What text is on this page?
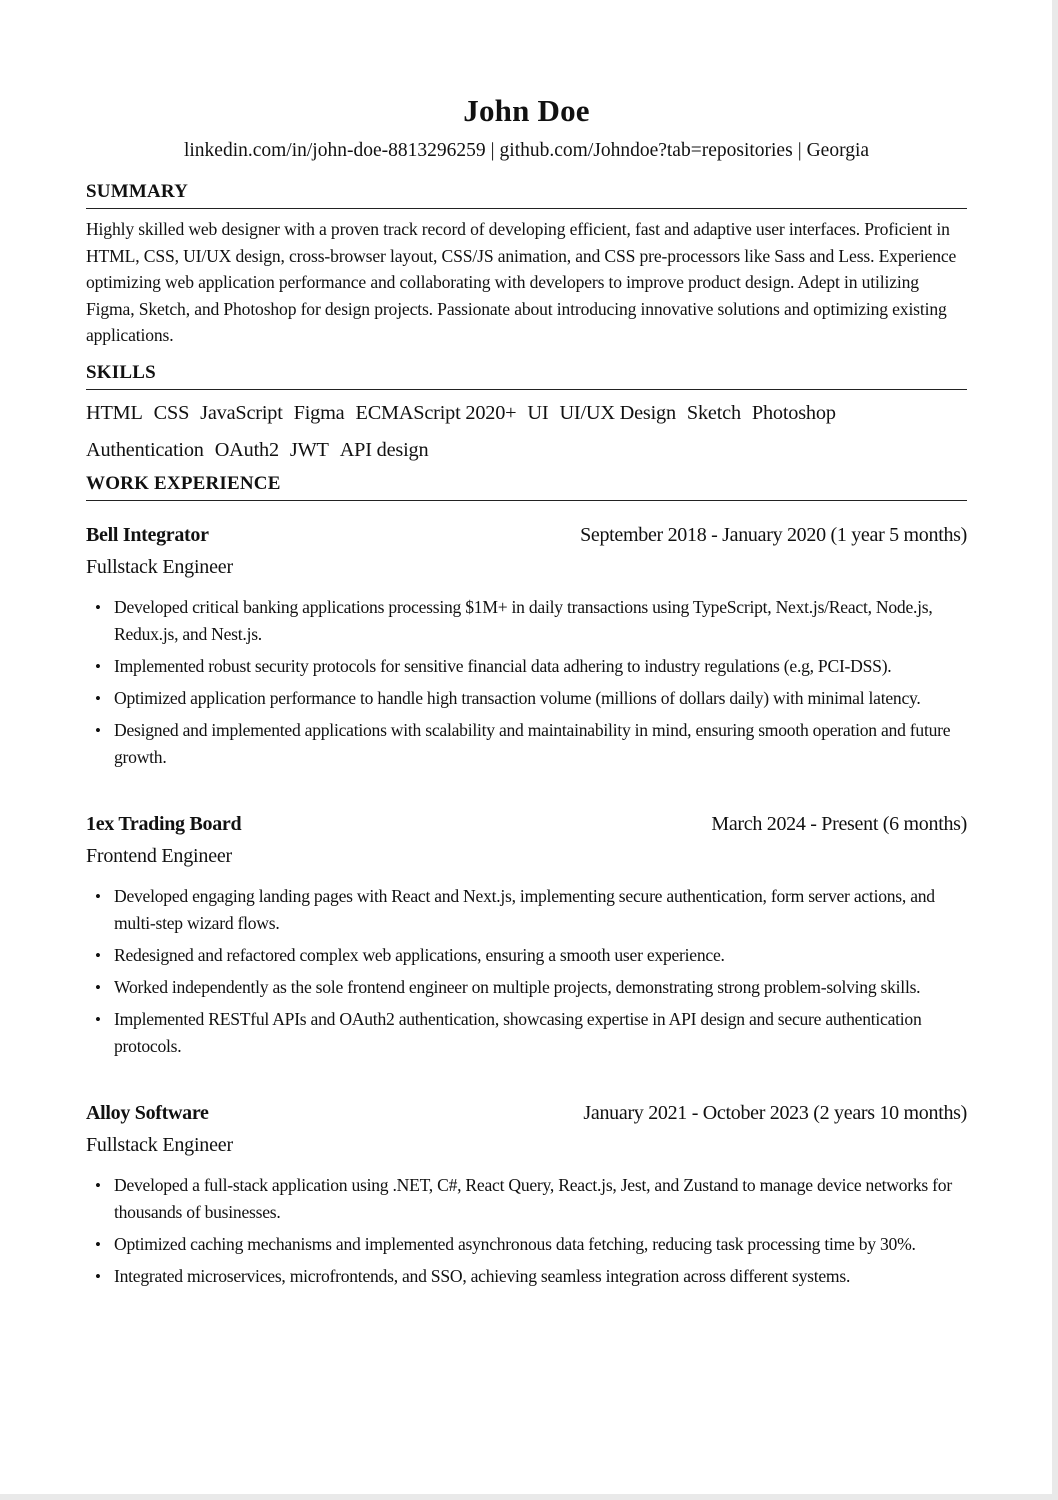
John Doe
linkedin.com/in/john-doe-8813296259 | github.com/Johndoe?tab=repositories | Georgia
SUMMARY
Highly skilled web designer with a proven track record of developing efficient, fast and adaptive user interfaces. Proficient in HTML, CSS, UI/UX design, cross-browser layout, CSS/JS animation, and CSS pre-processors like Sass and Less. Experience optimizing web application performance and collaborating with developers to improve product design. Adept in utilizing Figma, Sketch, and Photoshop for design projects. Passionate about introducing innovative solutions and optimizing existing applications.
SKILLS
HTML CSS JavaScript Figma ECMAScript 2020+ UI UI/UX Design Sketch Photoshop
Authentication OAuth2 JWT API design
WORK EXPERIENCE
Bell Integrator	September 2018 - January 2020 (1 year 5 months)
Fullstack Engineer
• Developed critical banking applications processing $1M+ in daily transactions using TypeScript, Next.js/React, Node.js, Redux.js, and Nest.js.
• Implemented robust security protocols for sensitive financial data adhering to industry regulations (e.g, PCI-DSS).
• Optimized application performance to handle high transaction volume (millions of dollars daily) with minimal latency.
• Designed and implemented applications with scalability and maintainability in mind, ensuring smooth operation and future growth.
1ex Trading Board	March 2024 - Present (6 months)
Frontend Engineer
• Developed engaging landing pages with React and Next.js, implementing secure authentication, form server actions, and multi-step wizard flows.
• Redesigned and refactored complex web applications, ensuring a smooth user experience.
• Worked independently as the sole frontend engineer on multiple projects, demonstrating strong problem-solving skills.
• Implemented RESTful APIs and OAuth2 authentication, showcasing expertise in API design and secure authentication protocols.
Alloy Software	January 2021 - October 2023 (2 years 10 months)
Fullstack Engineer
• Developed a full-stack application using .NET, C#, React Query, React.js, Jest, and Zustand to manage device networks for thousands of businesses.
• Optimized caching mechanisms and implemented asynchronous data fetching, reducing task processing time by 30%.
• Integrated microservices, microfrontends, and SSO, achieving seamless integration across different systems.
